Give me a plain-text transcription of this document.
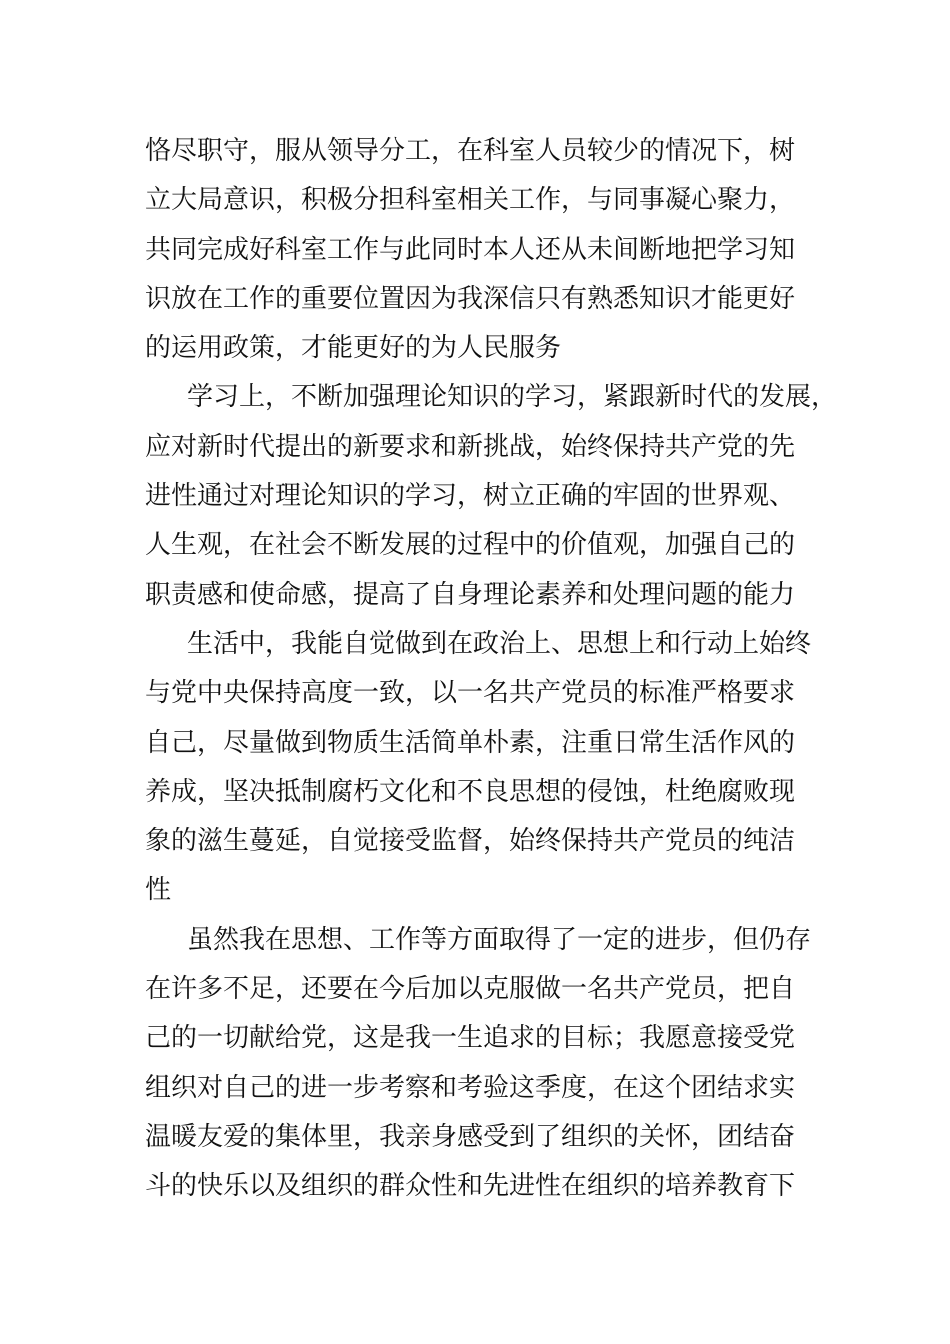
恪尽职守，服从领导分工，在科室人员较少的情况下，树
立大局意识，积极分担科室相关工作，与同事凝心聚力，
共同完成好科室工作与此同时本人还从未间断地把学习知
识放在工作的重要位置因为我深信只有熟悉知识才能更好
的运用政策，才能更好的为人民服务
学习上，不断加强理论知识的学习，紧跟新时代的发展，
应对新时代提出的新要求和新挑战，始终保持共产党的先
进性通过对理论知识的学习，树立正确的牢固的世界观、
人生观，在社会不断发展的过程中的价值观，加强自己的
职责感和使命感，提高了自身理论素养和处理问题的能力
生活中，我能自觉做到在政治上、思想上和行动上始终
与党中央保持高度一致，以一名共产党员的标准严格要求
自己，尽量做到物质生活简单朴素，注重日常生活作风的
养成，坚决抵制腐朽文化和不良思想的侵蚀，杜绝腐败现
象的滋生蔓延，自觉接受监督，始终保持共产党员的纯洁
性
虽然我在思想、工作等方面取得了一定的进步，但仍存
在许多不足，还要在今后加以克服做一名共产党员，把自
己的一切献给党，这是我一生追求的目标；我愿意接受党
组织对自己的进一步考察和考验这季度，在这个团结求实
温暖友爱的集体里，我亲身感受到了组织的关怀，团结奋
斗的快乐以及组织的群众性和先进性在组织的培养教育下
